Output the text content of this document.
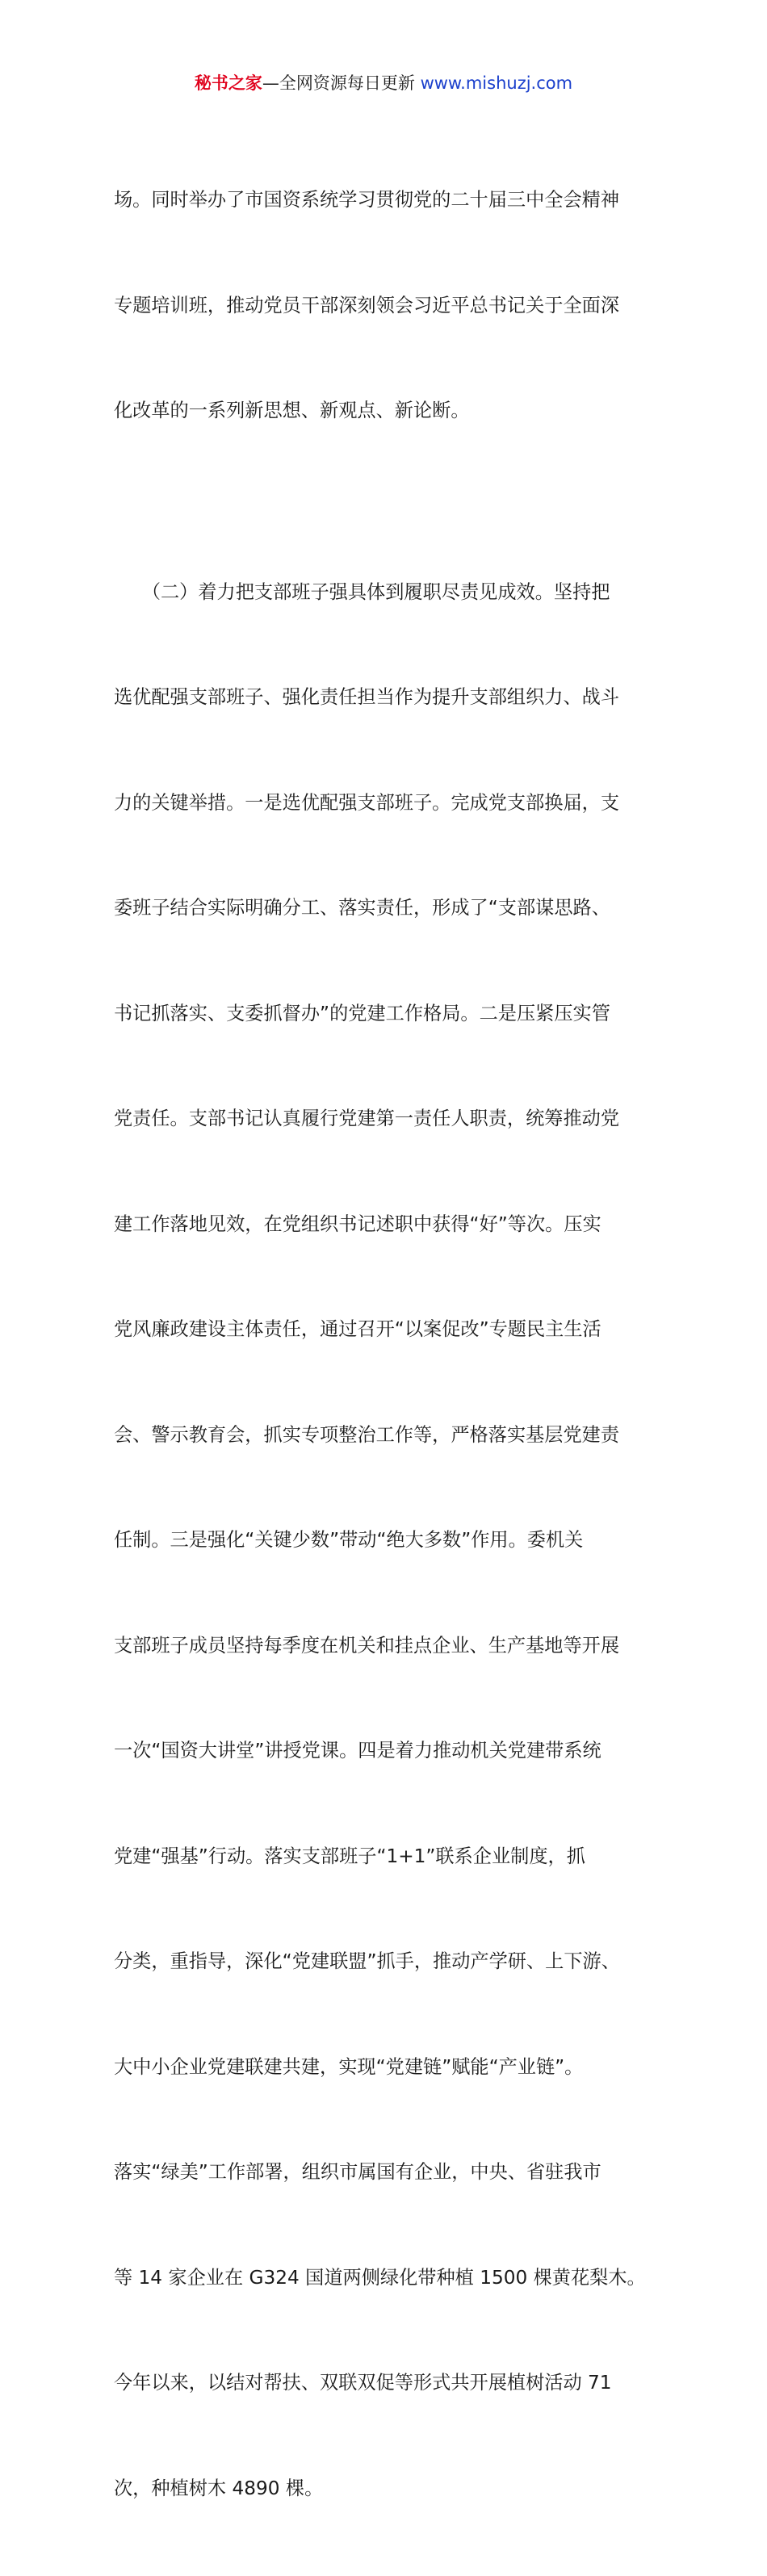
秘书之家—全网资源每日更新 www.mishuzj.com

场。同时举办了市国资系统学习贯彻党的二十届三中全会精神

专题培训班，推动党员干部深刻领会习近平总书记关于全面深

化改革的一系列新思想、新观点、新论断。

　　（二）着力把支部班子强具体到履职尽责见成效。坚持把

选优配强支部班子、强化责任担当作为提升支部组织力、战斗

力的关键举措。一是选优配强支部班子。完成党支部换届，支

委班子结合实际明确分工、落实责任，形成了“支部谋思路、

书记抓落实、支委抓督办”的党建工作格局。二是压紧压实管

党责任。支部书记认真履行党建第一责任人职责，统筹推动党

建工作落地见效，在党组织书记述职中获得“好”等次。压实

党风廉政建设主体责任，通过召开“以案促改”专题民主生活

会、警示教育会，抓实专项整治工作等，严格落实基层党建责

任制。三是强化“关键少数”带动“绝大多数”作用。委机关

支部班子成员坚持每季度在机关和挂点企业、生产基地等开展

一次“国资大讲堂”讲授党课。四是着力推动机关党建带系统

党建“强基”行动。落实支部班子“1+1”联系企业制度，抓

分类，重指导，深化“党建联盟”抓手，推动产学研、上下游、

大中小企业党建联建共建，实现“党建链”赋能“产业链”。

落实“绿美”工作部署，组织市属国有企业，中央、省驻我市

等 14 家企业在 G324 国道两侧绿化带种植 1500 棵黄花梨木。

今年以来，以结对帮扶、双联双促等形式共开展植树活动 71

次，种植树木 4890 棵。
